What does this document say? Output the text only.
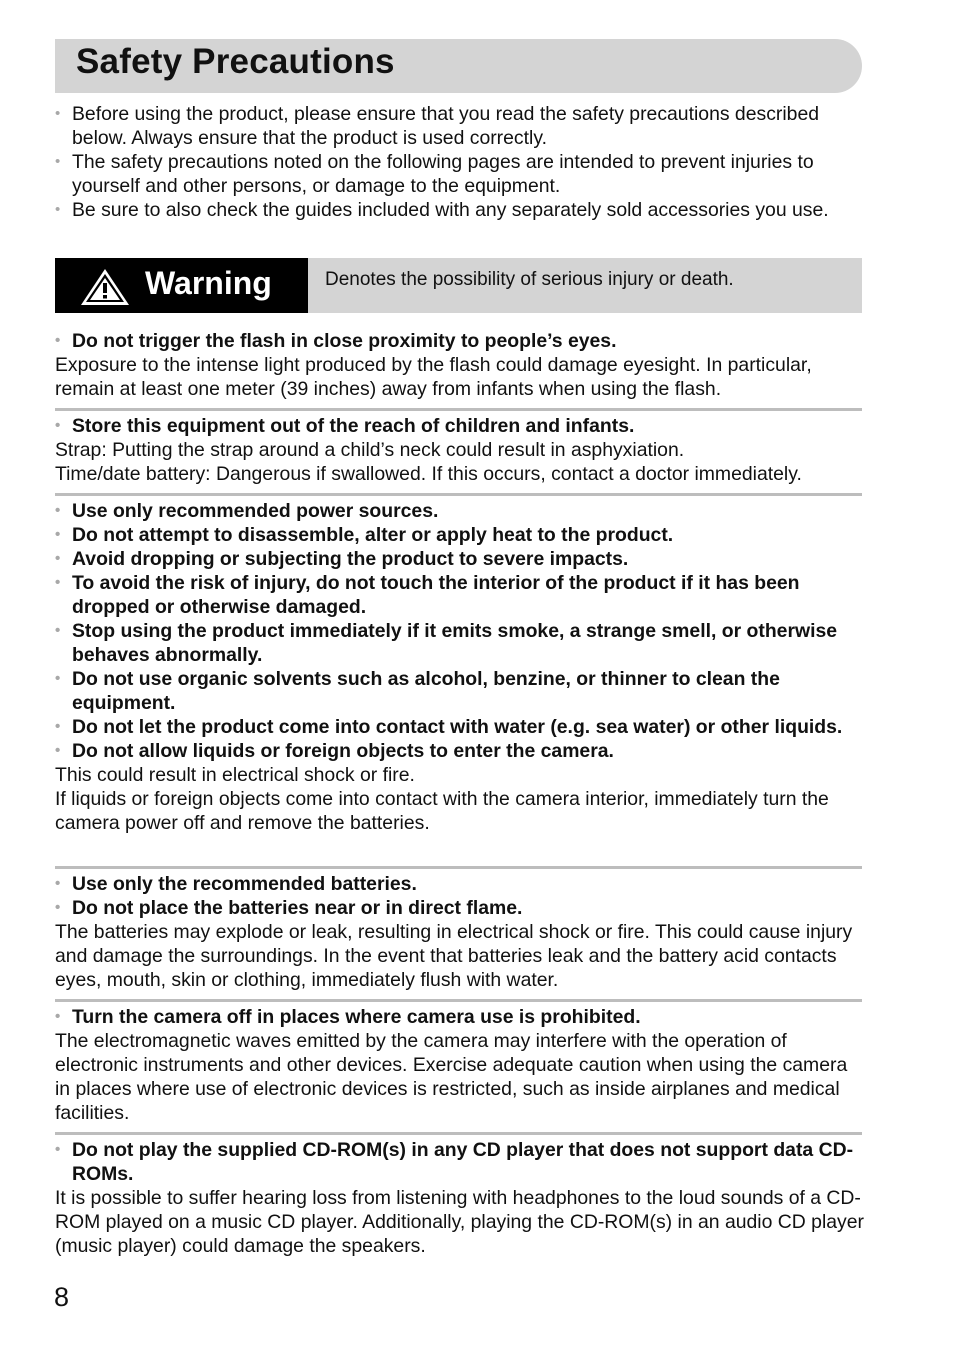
Safety Precautions
• Before using the product, please ensure that you read the safety precautions described below. Always ensure that the product is used correctly.
• The safety precautions noted on the following pages are intended to prevent injuries to yourself and other persons, or damage to the equipment.
• Be sure to also check the guides included with any separately sold accessories you use.
Warning	Denotes the possibility of serious injury or death.
• Do not trigger the flash in close proximity to people’s eyes.
Exposure to the intense light produced by the flash could damage eyesight. In particular, remain at least one meter (39 inches) away from infants when using the flash.
• Store this equipment out of the reach of children and infants.
Strap: Putting the strap around a child’s neck could result in asphyxiation.
Time/date battery: Dangerous if swallowed. If this occurs, contact a doctor immediately.
• Use only recommended power sources.
• Do not attempt to disassemble, alter or apply heat to the product.
• Avoid dropping or subjecting the product to severe impacts.
• To avoid the risk of injury, do not touch the interior of the product if it has been dropped or otherwise damaged.
• Stop using the product immediately if it emits smoke, a strange smell, or otherwise behaves abnormally.
• Do not use organic solvents such as alcohol, benzine, or thinner to clean the equipment.
• Do not let the product come into contact with water (e.g. sea water) or other liquids.
• Do not allow liquids or foreign objects to enter the camera.
This could result in electrical shock or fire.
If liquids or foreign objects come into contact with the camera interior, immediately turn the camera power off and remove the batteries.
• Use only the recommended batteries.
• Do not place the batteries near or in direct flame.
The batteries may explode or leak, resulting in electrical shock or fire. This could cause injury and damage the surroundings. In the event that batteries leak and the battery acid contacts eyes, mouth, skin or clothing, immediately flush with water.
• Turn the camera off in places where camera use is prohibited.
The electromagnetic waves emitted by the camera may interfere with the operation of electronic instruments and other devices. Exercise adequate caution when using the camera in places where use of electronic devices is restricted, such as inside airplanes and medical facilities.
• Do not play the supplied CD-ROM(s) in any CD player that does not support data CD-ROMs.
It is possible to suffer hearing loss from listening with headphones to the loud sounds of a CD-ROM played on a music CD player. Additionally, playing the CD-ROM(s) in an audio CD player (music player) could damage the speakers.
8
